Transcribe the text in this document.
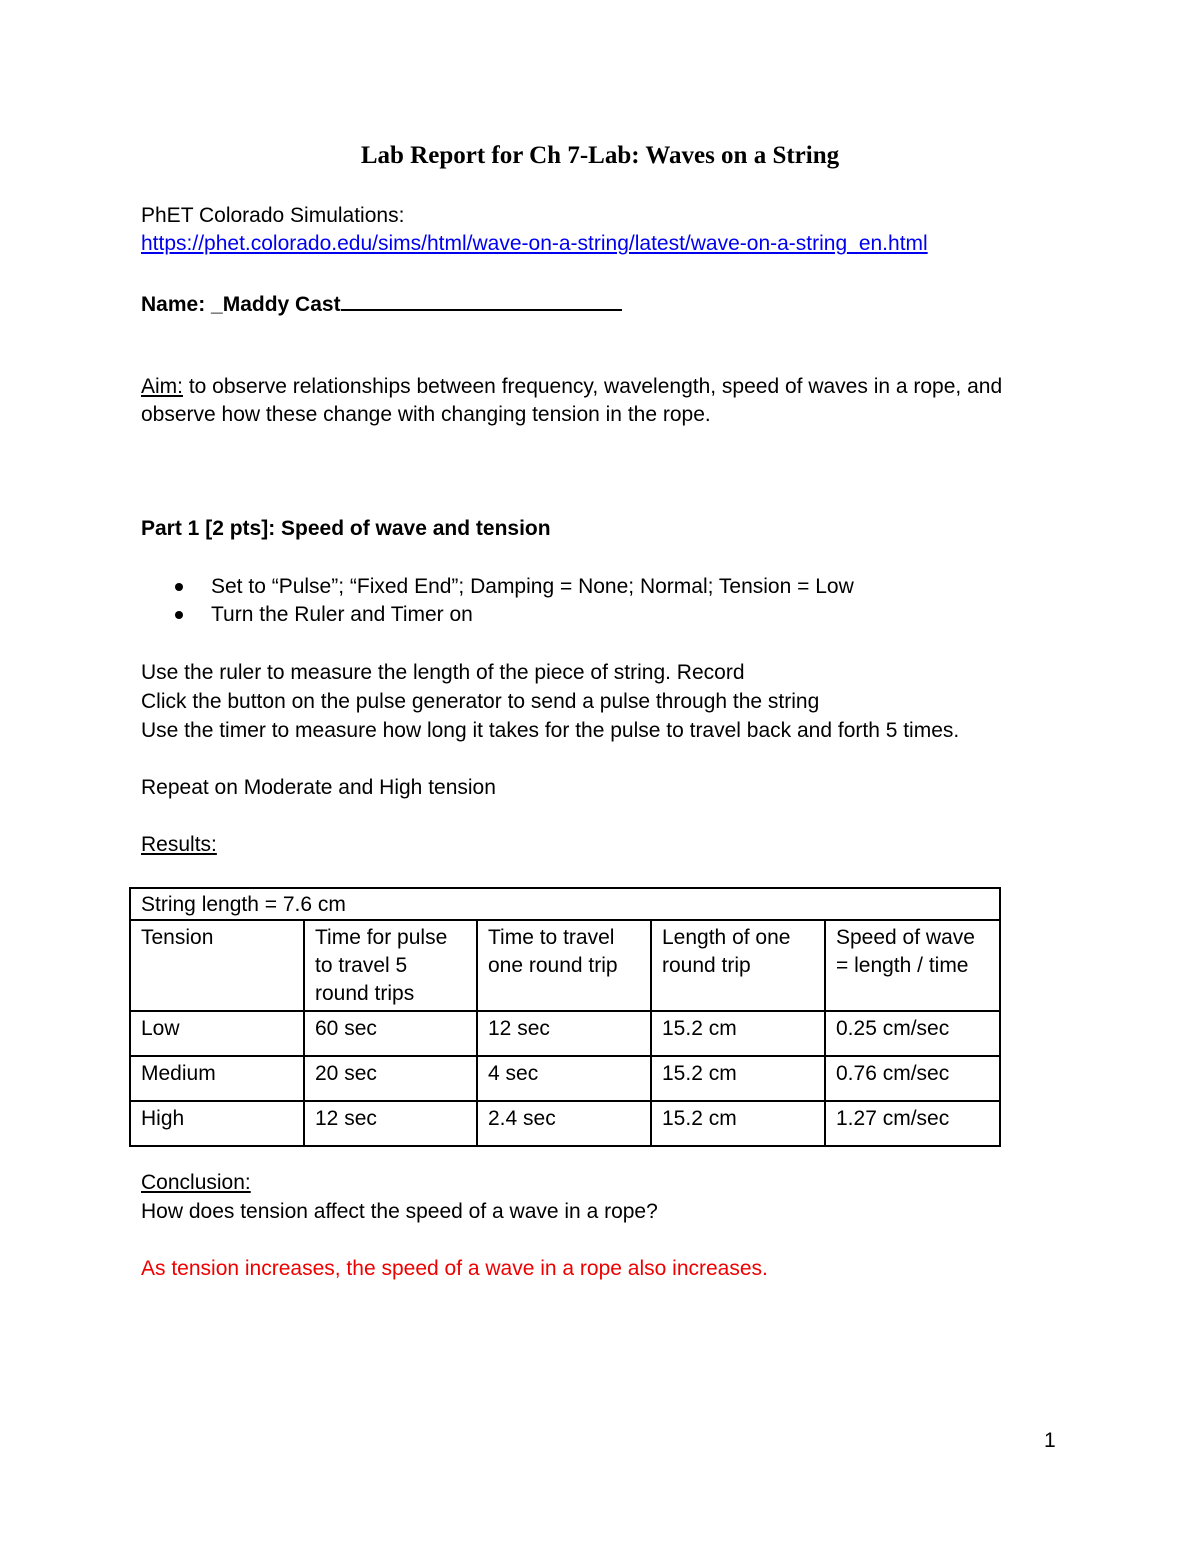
Lab Report for Ch 7-Lab: Waves on a String
PhET Colorado Simulations:
https://phet.colorado.edu/sims/html/wave-on-a-string/latest/wave-on-a-string_en.html
Name: _Maddy Cast
Aim: to observe relationships between frequency, wavelength, speed of waves in a rope, and
observe how these change with changing tension in the rope.
Part 1 [2 pts]: Speed of wave and tension
Set to “Pulse”; “Fixed End”; Damping = None; Normal; Tension = Low
Turn the Ruler and Timer on
Use the ruler to measure the length of the piece of string. Record
Click the button on the pulse generator to send a pulse through the string
Use the timer to measure how long it takes for the pulse to travel back and forth 5 times.
Repeat on Moderate and High tension
Results:
String length = 7.6 cm				
Tension	Time for pulse to travel 5 round trips	Time to travel one round trip	Length of one round trip	Speed of wave = length / time
Low	60 sec	12 sec	15.2 cm	0.25 cm/sec
Medium	20 sec	4 sec	15.2 cm	0.76 cm/sec
High	12 sec	2.4 sec	15.2 cm	1.27 cm/sec
Conclusion:
How does tension affect the speed of a wave in a rope?
As tension increases, the speed of a wave in a rope also increases.
1
